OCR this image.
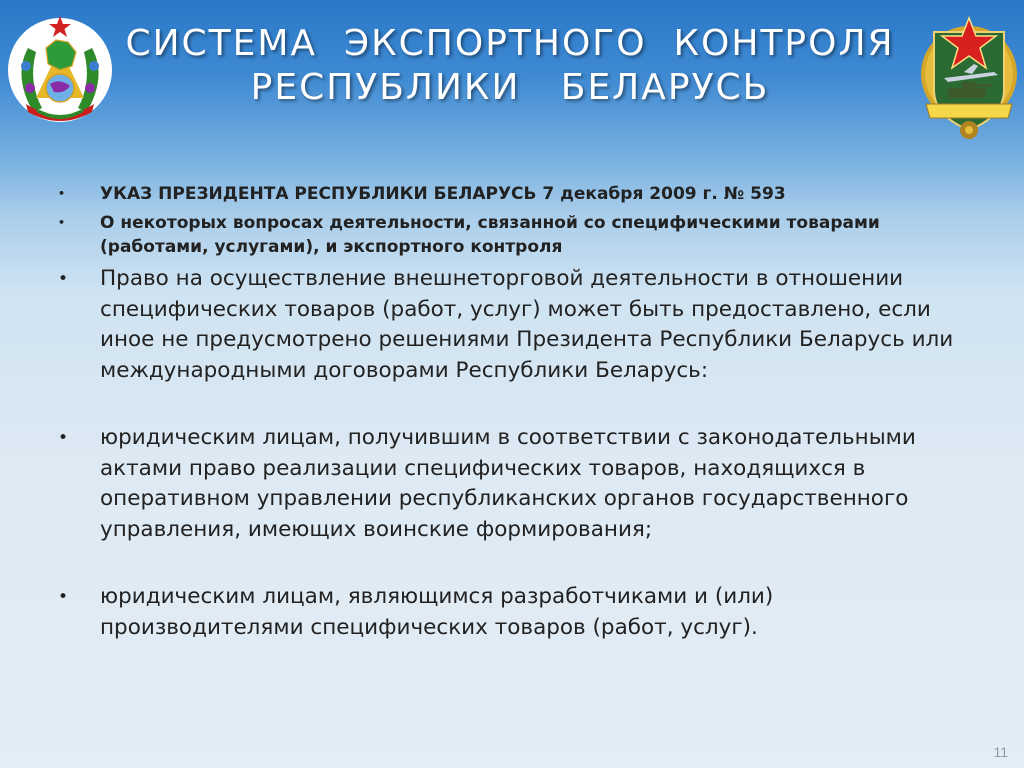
СИСТЕМА  ЭКСПОРТНОГО  КОНТРОЛЯ
РЕСПУБЛИКИ   БЕЛАРУСЬ
• УКАЗ ПРЕЗИДЕНТА РЕСПУБЛИКИ БЕЛАРУСЬ 7 декабря 2009 г. № 593
• О некоторых вопросах деятельности, связанной со специфическими товарами (работами, услугами), и экспортного контроля
• Право на осуществление внешнеторговой деятельности в отношении специфических товаров (работ, услуг) может быть предоставлено, если иное не предусмотрено решениями Президента Республики Беларусь или международными договорами Республики Беларусь:
• юридическим лицам, получившим в соответствии с законодательными актами право реализации специфических товаров, находящихся в оперативном управлении республиканских органов государственного управления, имеющих воинские формирования;
• юридическим лицам, являющимся разработчиками и (или) производителями специфических товаров (работ, услуг).
11
